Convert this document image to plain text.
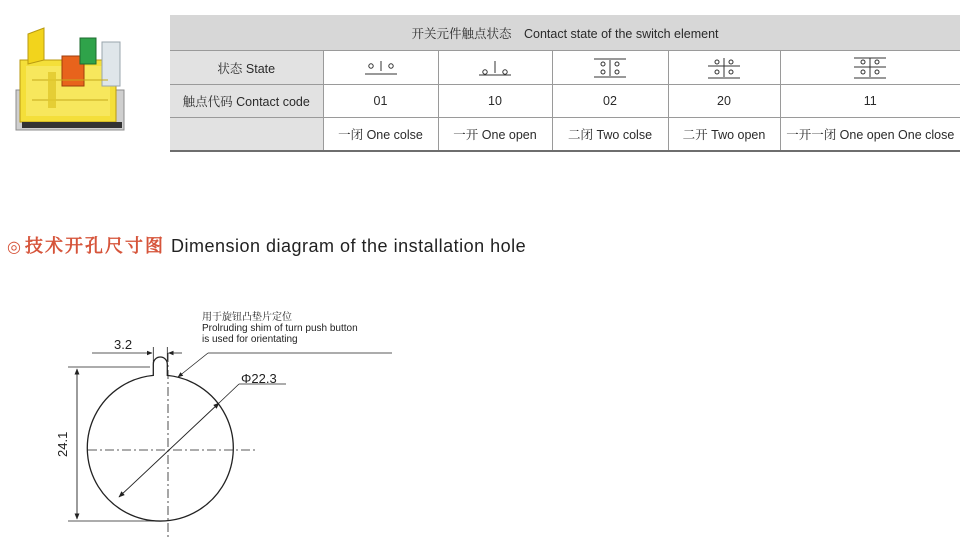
开关元件触点状态　Contact state of the switch element					
状态 State	

触点代码 Contact code	01	10	02	20	11
	一闭 One colse	一开 One open	二闭 Two colse	二开 Two open	一开一闭 One open One close
◎ 技术开孔尺寸图 Dimension diagram of the installation hole
用于旋钮凸垫片定位
Prolruding shim of turn push button
is used for orientating
3.2
Φ22.3
24.1
